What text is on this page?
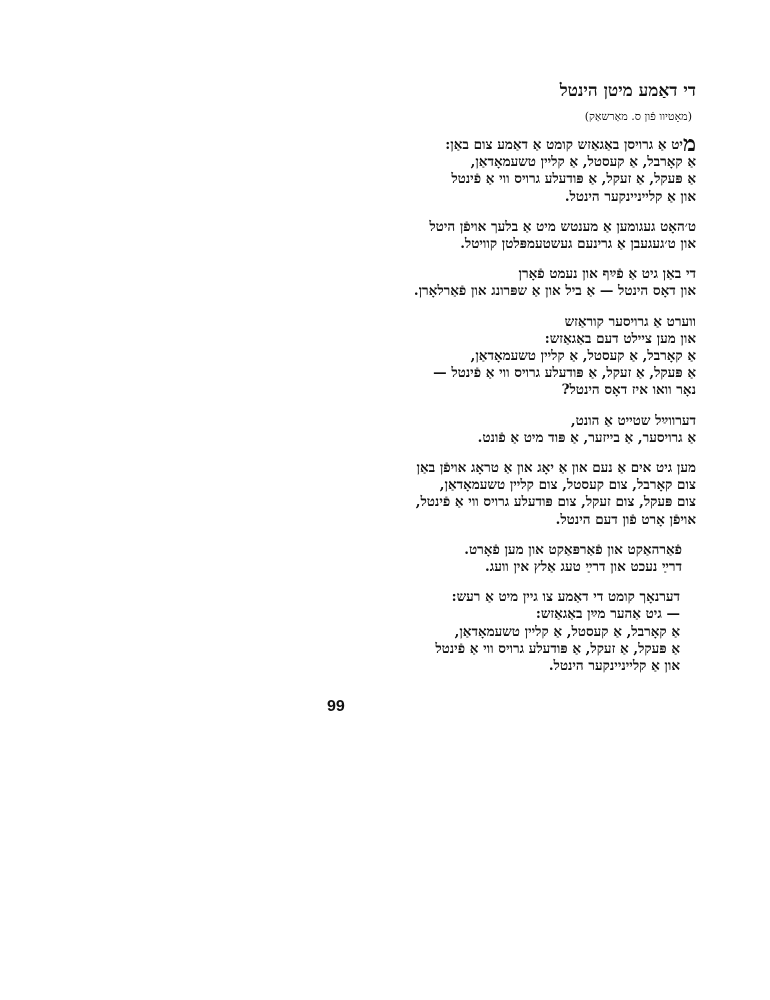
די דאַמע מיטן הינטל
(מאָטיוו פֿון ס. מאַרשאַק)
מיט אַ גרויסן באַגאַזש קומט אַ דאַמע צום באַן:
אַ קאָרבל, אַ קעסטל, אַ קליין טשעמאָדאַן,
אַ פּעקל, אַ זעקל, אַ פּודעלע גרויס ווי אַ פֿינטל
און אַ קלייניינקער הינטל.
ט׳האָט געגומען אַ מענטש מיט אַ בלעך אויפֿן היטל
און ט׳געגעבן אַ גרינעם געשטעמפּלטן קוויטל.
די באַן גיט אַ פֿײַף און נעמט פֿאָרן
און דאָס הינטל — אַ ביל און אַ שפּרונג און פֿאַרלאָרן.
ווערט אַ גרויסער קוראַזש
און מען ציילט דעם באַגאַזש:
אַ קאָרבל, אַ קעסטל, אַ קליין טשעמאָדאַן,
אַ פּעקל, אַ זעקל, אַ פּודעלע גרויס ווי אַ פֿינטל —
נאָר וואו איז דאָס הינטל?
דערווײַל שטייט אַ הונט,
אַ גרויסער, אַ בייזער, אַ פּוד מיט אַ פֿונט.
מען גיט אים אַ נעם און אַ יאָג און אַ טראָג אויפֿן באַן
צום קאָרבל, צום קעסטל, צום קליין טשעמאָדאַן,
צום פּעקל, צום זעקל, צום פּודעלע גרויס ווי אַ פֿינטל,
אויפֿן אָרט פֿון דעם הינטל.
פֿאַרהאַקט און פֿאַרפּאַקט און מען פֿאָרט.
דרײַ נעכט און דרײַ טעג אַלץ אין וועג.
דערנאָך קומט די דאַמע צו גיין מיט אַ רעש:
— גיט אַהער מײַן באַגאַזש:
אַ קאָרבל, אַ קעסטל, אַ קליין טשעמאָדאַן,
אַ פּעקל, אַ זעקל, אַ פּודעלע גרויס ווי אַ פֿינטל
און אַ קלייניינקער הינטל.
99
